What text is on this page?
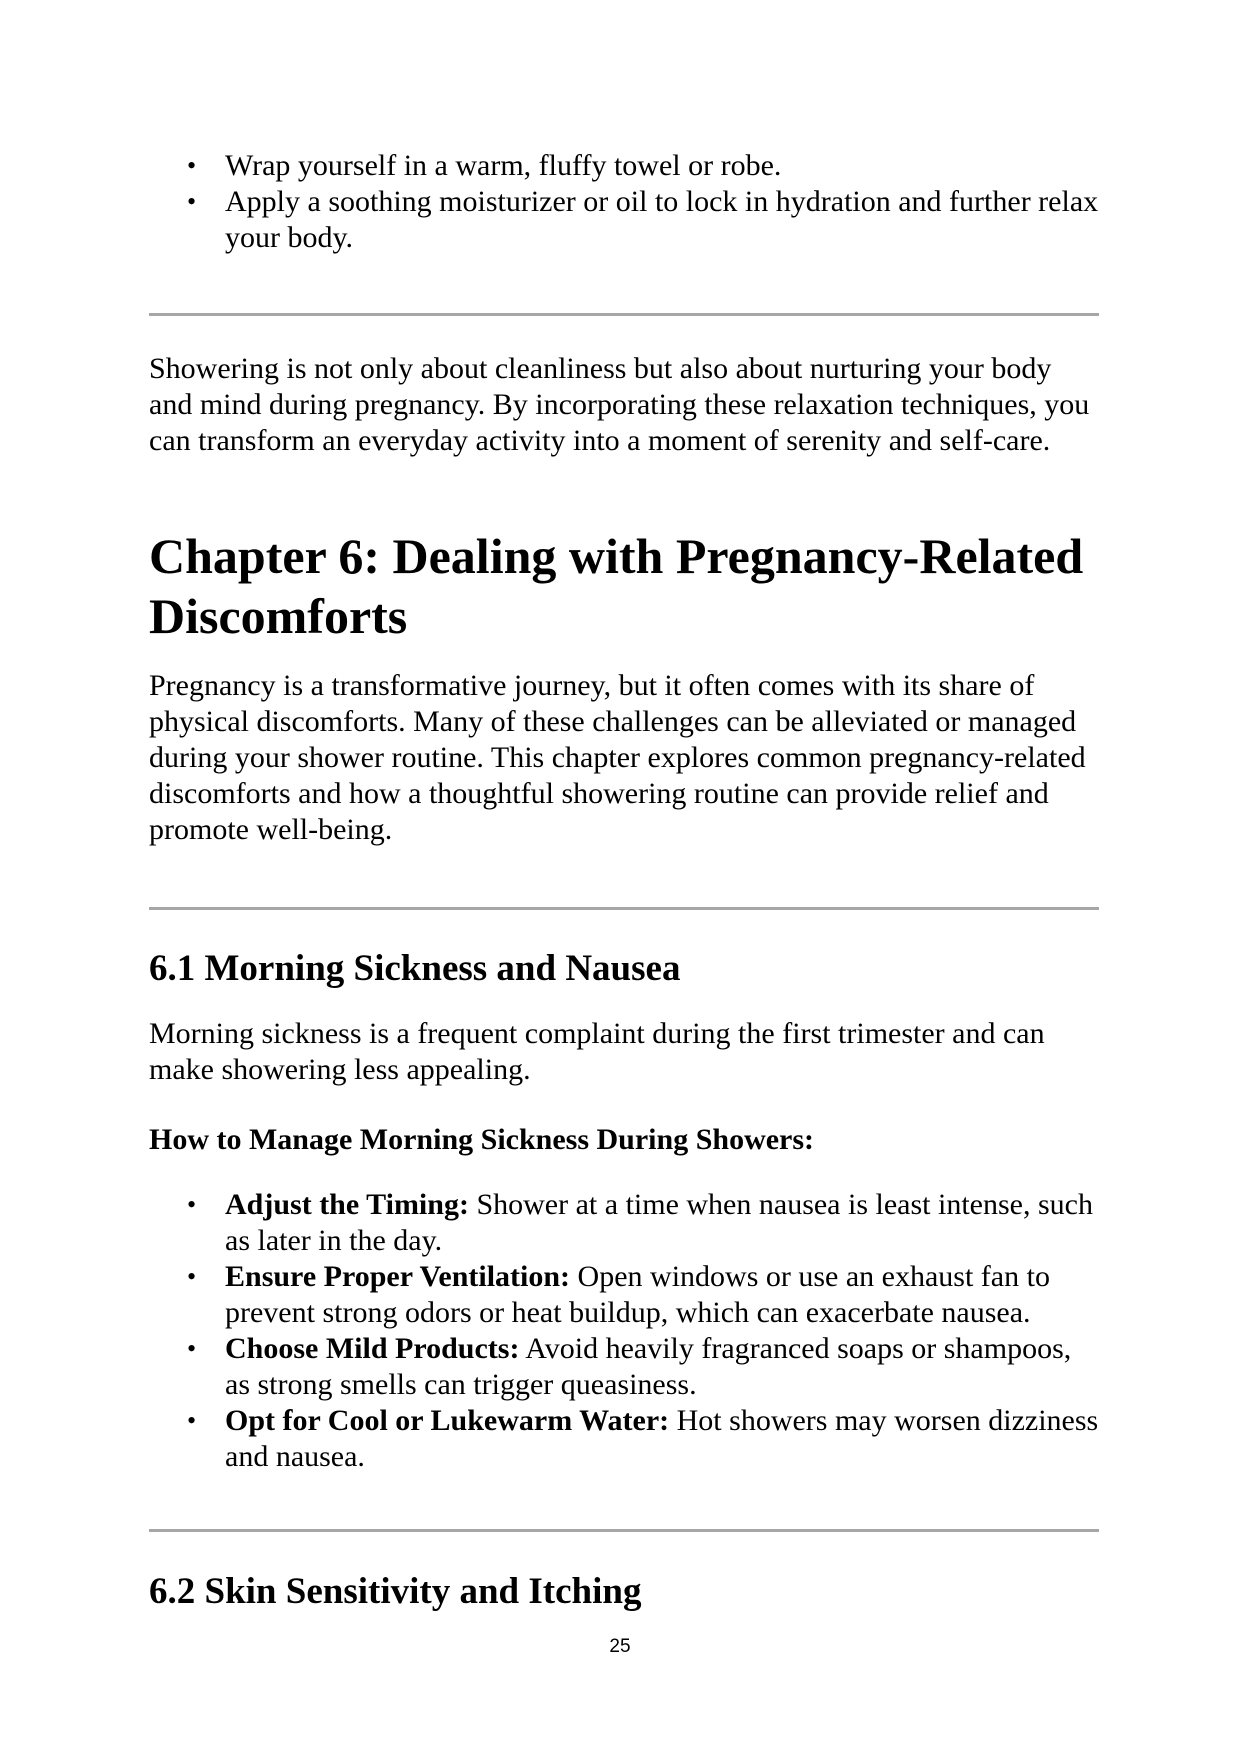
• Wrap yourself in a warm, fluffy towel or robe.
• Apply a soothing moisturizer or oil to lock in hydration and further relax your body.
Showering is not only about cleanliness but also about nurturing your body and mind during pregnancy. By incorporating these relaxation techniques, you can transform an everyday activity into a moment of serenity and self-care.
Chapter 6: Dealing with Pregnancy-Related Discomforts
Pregnancy is a transformative journey, but it often comes with its share of physical discomforts. Many of these challenges can be alleviated or managed during your shower routine. This chapter explores common pregnancy-related discomforts and how a thoughtful showering routine can provide relief and promote well-being.
6.1 Morning Sickness and Nausea
Morning sickness is a frequent complaint during the first trimester and can make showering less appealing.
How to Manage Morning Sickness During Showers:
• Adjust the Timing: Shower at a time when nausea is least intense, such as later in the day.
• Ensure Proper Ventilation: Open windows or use an exhaust fan to prevent strong odors or heat buildup, which can exacerbate nausea.
• Choose Mild Products: Avoid heavily fragranced soaps or shampoos, as strong smells can trigger queasiness.
• Opt for Cool or Lukewarm Water: Hot showers may worsen dizziness and nausea.
6.2 Skin Sensitivity and Itching
25
